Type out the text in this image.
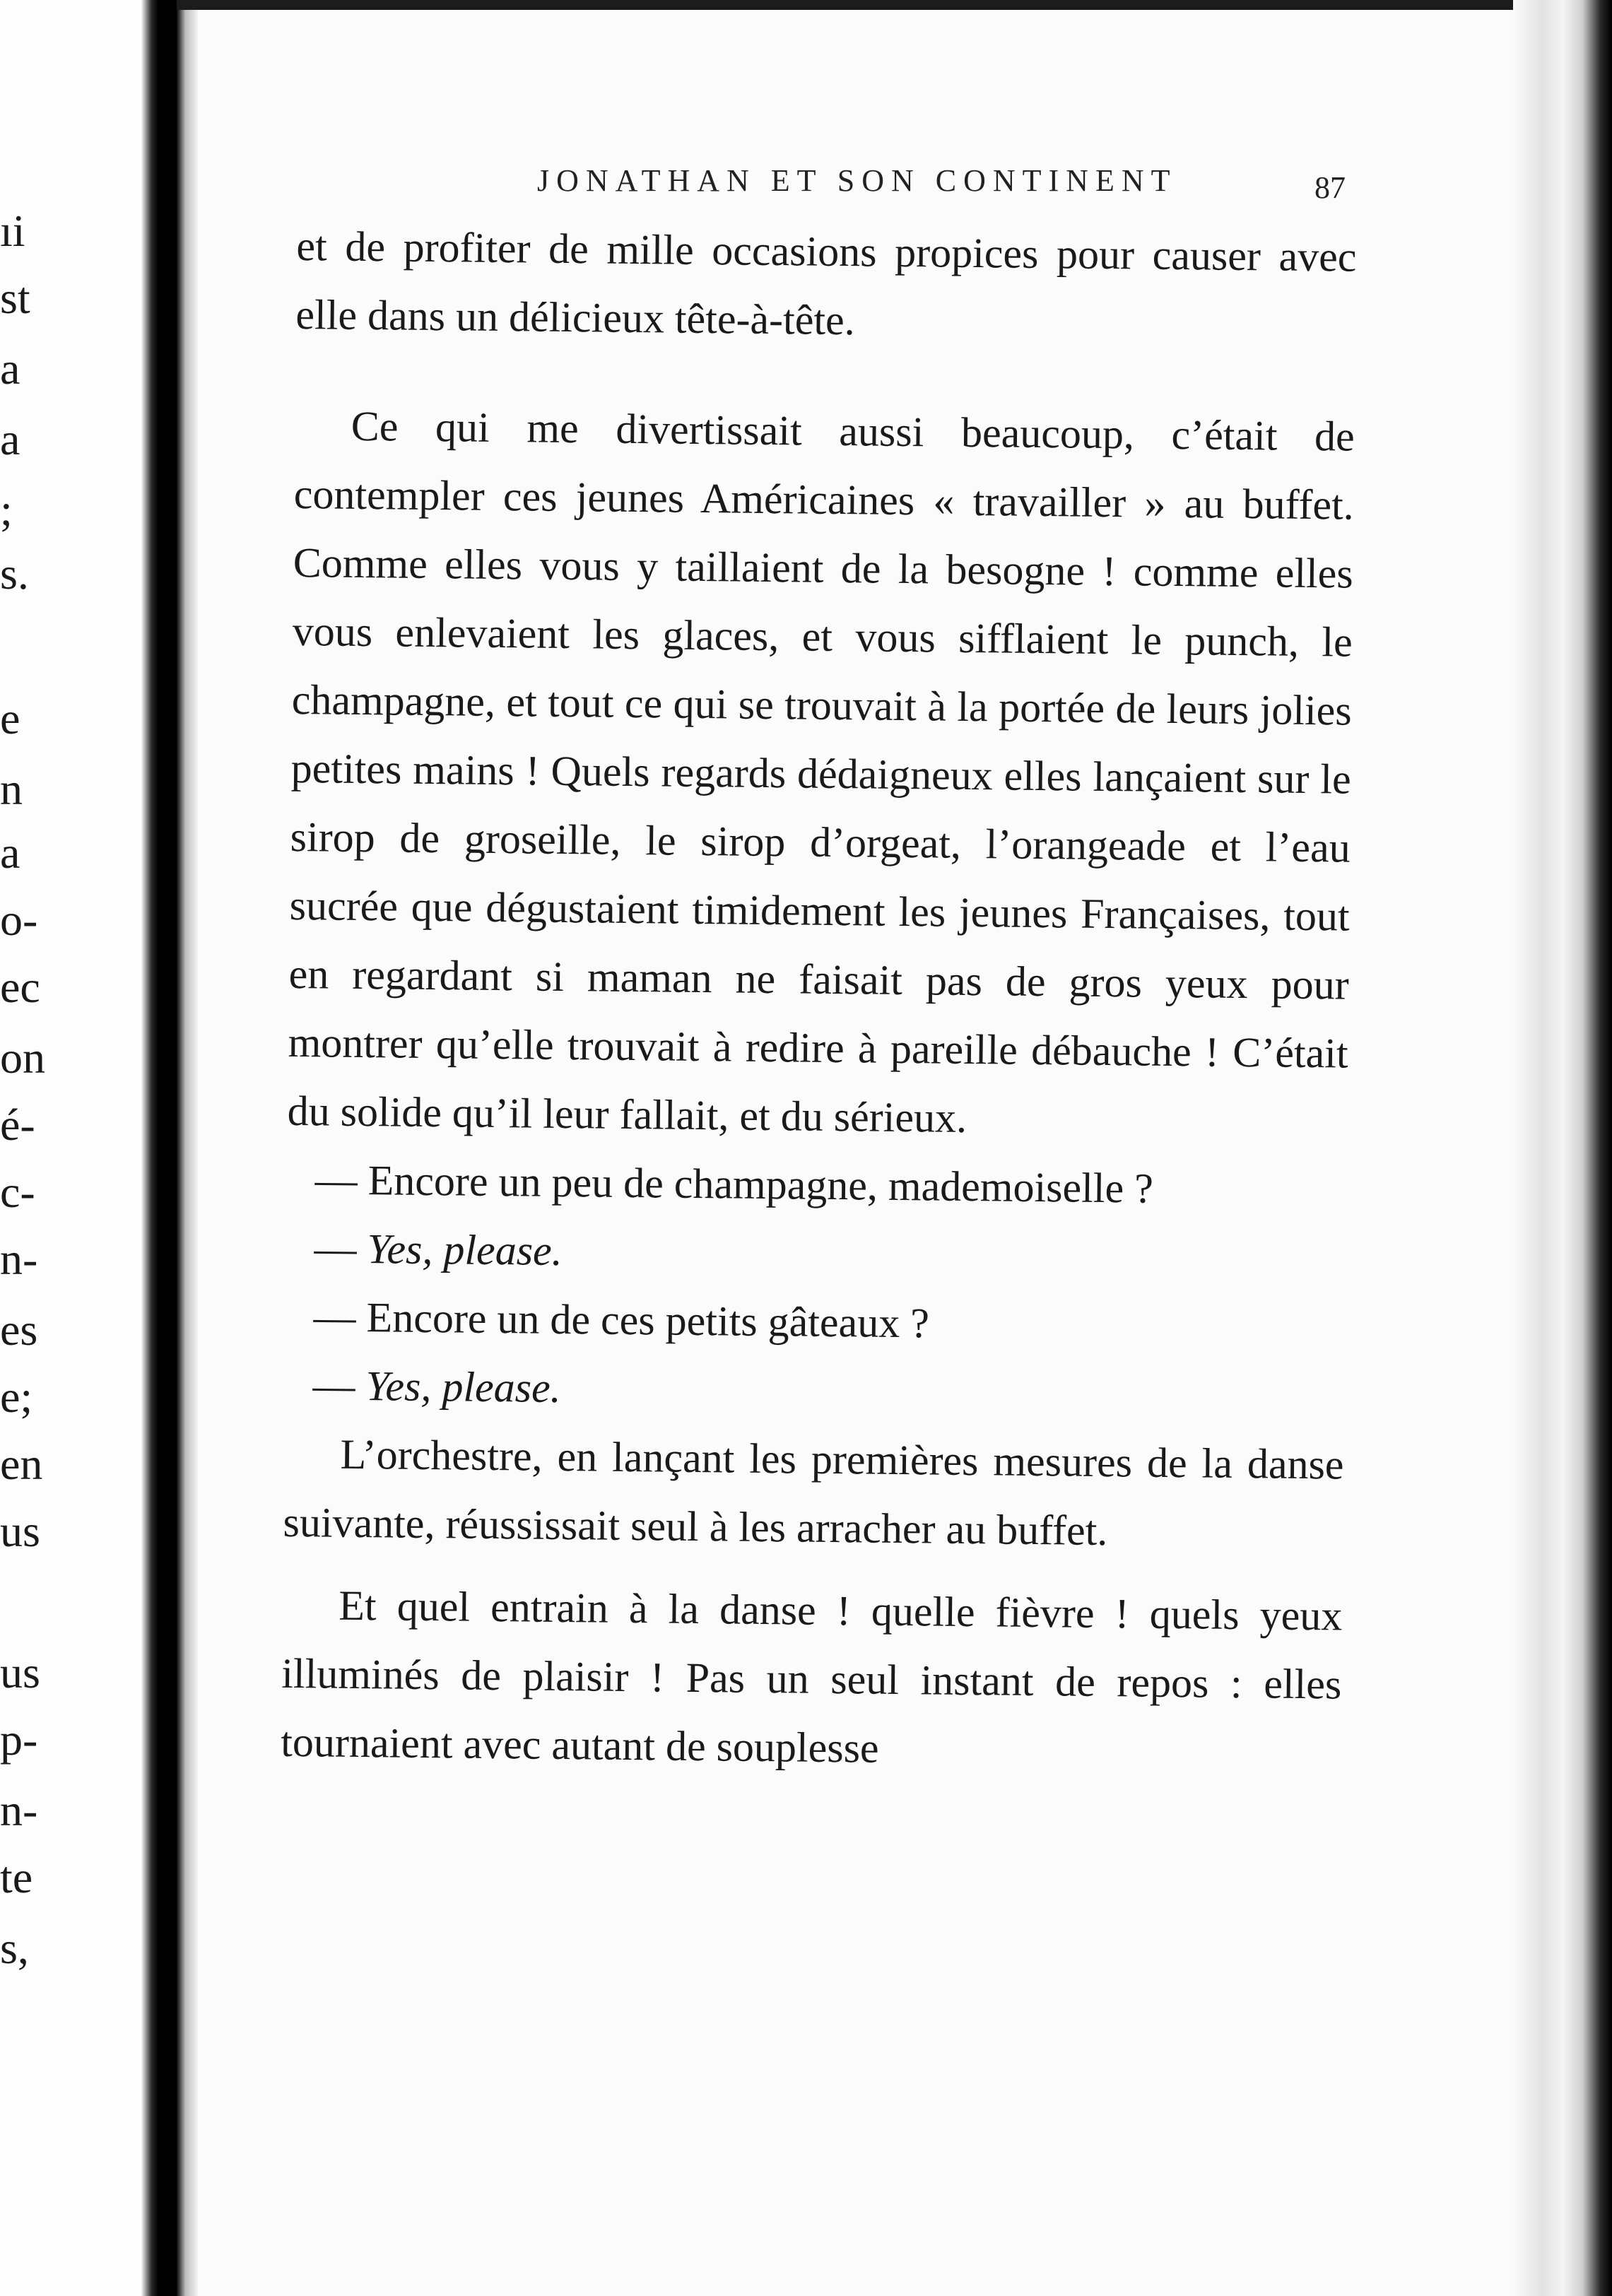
ıi
st
a
a
;
s.
e
n
a
o-
ec
on
é-
c-
n-
es
e;
en
us
us
p-
n-
te
s,
JONATHAN ET SON CONTINENT	87

et de profiter de mille occasions propices pour causer avec elle dans un délicieux tête-à-tête.

Ce qui me divertissait aussi beaucoup, c’était de contempler ces jeunes Américaines « travailler » au buffet. Comme elles vous y taillaient de la besogne ! comme elles vous enlevaient les glaces, et vous sifflaient le punch, le champagne, et tout ce qui se trouvait à la portée de leurs jolies petites mains ! Quels regards dédaigneux elles lançaient sur le sirop de groseille, le sirop d’orgeat, l’orangeade et l’eau sucrée que dégustaient timidement les jeunes Françaises, tout en regardant si maman ne faisait pas de gros yeux pour montrer qu’elle trouvait à redire à pareille débauche ! C’était du solide qu’il leur fallait, et du sérieux.

— Encore un peu de champagne, mademoiselle ?

— Yes, please.

— Encore un de ces petits gâteaux ?

— Yes, please.

L’orchestre, en lançant les premières mesures de la danse suivante, réussissait seul à les arracher au buffet.

Et quel entrain à la danse ! quelle fièvre ! quels yeux illuminés de plaisir ! Pas un seul instant de repos : elles tournaient avec autant de souplesse
